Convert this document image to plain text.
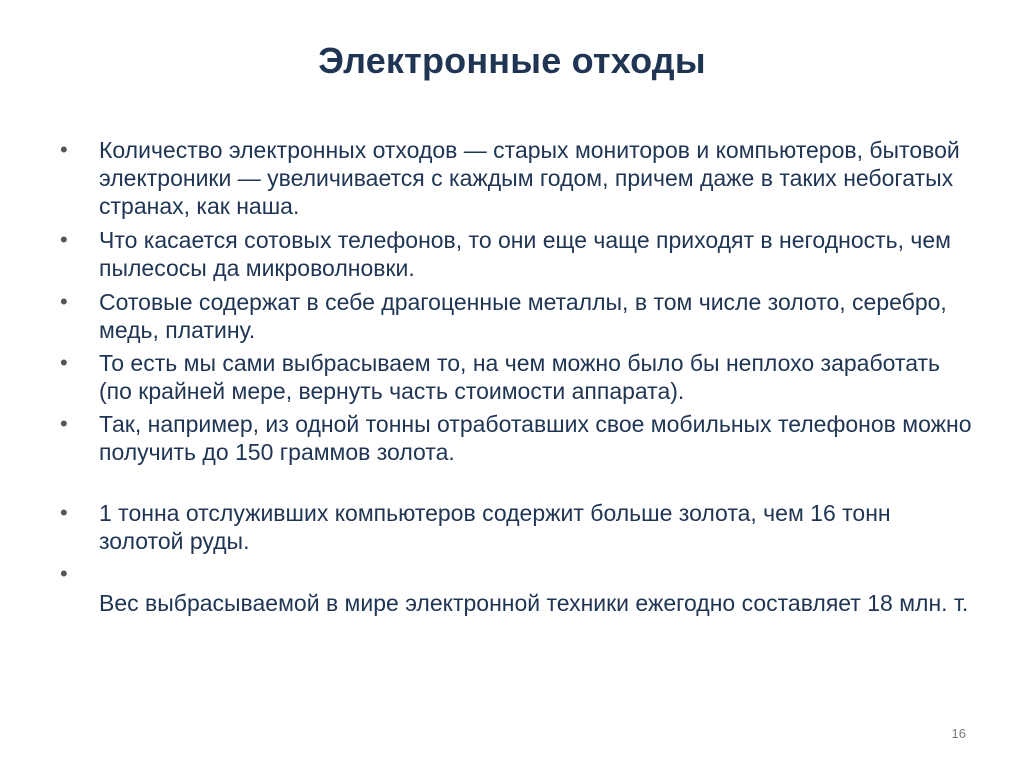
Электронные отходы
•	Количество электронных отходов — старых мониторов и компьютеров, бытовой электроники — увеличивается с каждым годом, причем даже в таких небогатых странах, как наша.
•	Что касается сотовых телефонов, то они еще чаще приходят в негодность, чем пылесосы да микроволновки.
•	Сотовые содержат в себе драгоценные металлы, в том числе золото, серебро, медь, платину.
•	То есть мы сами выбрасываем то, на чем можно было бы неплохо заработать (по крайней мере, вернуть часть стоимости аппарата).
•	Так, например, из одной тонны отработавших свое мобильных телефонов можно получить до 150 граммов золота.
•	1 тонна отслуживших компьютеров содержит больше золота, чем 16 тонн золотой руды.
•
Вес выбрасываемой в мире электронной техники ежегодно составляет 18 млн. т.
16
